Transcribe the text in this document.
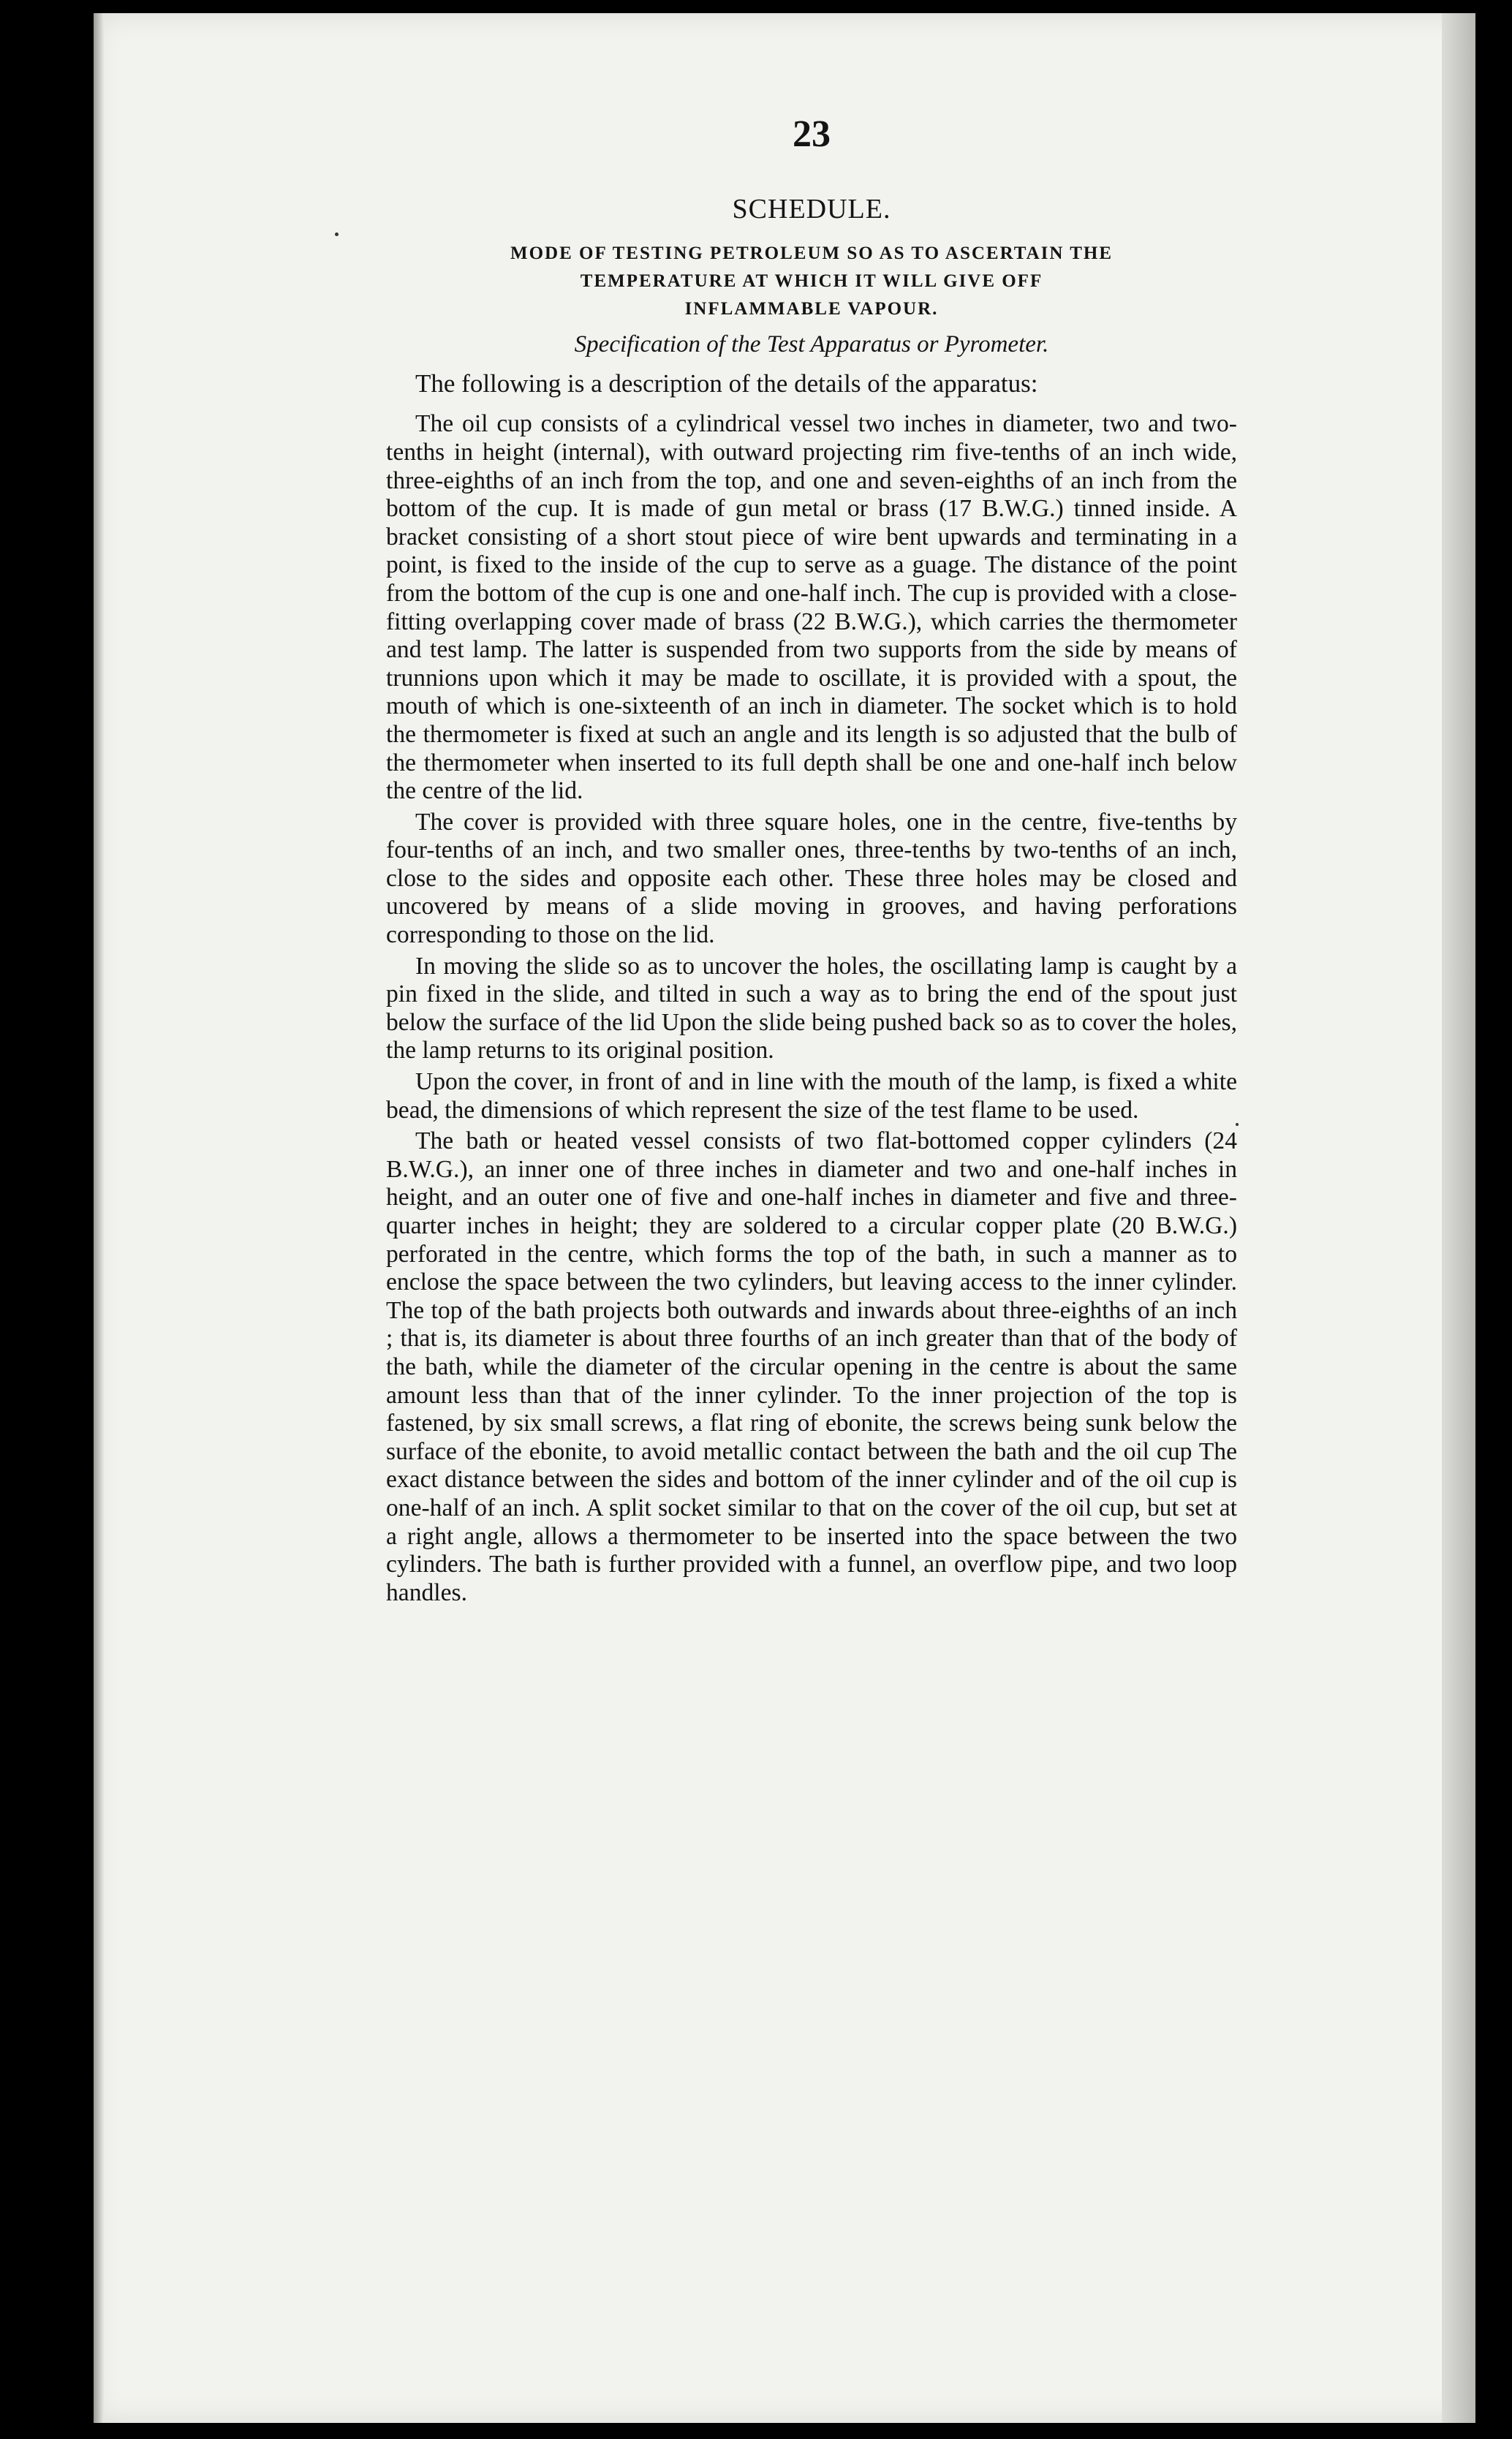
23
SCHEDULE.
MODE OF TESTING PETROLEUM SO AS TO ASCERTAIN THE
TEMPERATURE AT WHICH IT WILL GIVE OFF
INFLAMMABLE VAPOUR.
Specification of the Test Apparatus or Pyrometer.

The following is a description of the details of the apparatus:

The oil cup consists of a cylindrical vessel two inches in diameter, two and two-tenths in height (internal), with outward projecting rim five-tenths of an inch wide, three-eighths of an inch from the top, and one and seven-eighths of an inch from the bottom of the cup. It is made of gun metal or brass (17 B.W.G.) tinned inside. A bracket consisting of a short stout piece of wire bent upwards and terminating in a point, is fixed to the inside of the cup to serve as a guage. The distance of the point from the bottom of the cup is one and one-half inch. The cup is provided with a close-fitting overlapping cover made of brass (22 B.W.G.), which carries the thermometer and test lamp. The latter is suspended from two supports from the side by means of trunnions upon which it may be made to oscillate, it is provided with a spout, the mouth of which is one-sixteenth of an inch in diameter. The socket which is to hold the thermometer is fixed at such an angle and its length is so adjusted that the bulb of the thermometer when inserted to its full depth shall be one and one-half inch below the centre of the lid.

The cover is provided with three square holes, one in the centre, five-tenths by four-tenths of an inch, and two smaller ones, three-tenths by two-tenths of an inch, close to the sides and opposite each other. These three holes may be closed and uncovered by means of a slide moving in grooves, and having perforations corresponding to those on the lid.

In moving the slide so as to uncover the holes, the oscillating lamp is caught by a pin fixed in the slide, and tilted in such a way as to bring the end of the spout just below the surface of the lid Upon the slide being pushed back so as to cover the holes, the lamp returns to its original position.

Upon the cover, in front of and in line with the mouth of the lamp, is fixed a white bead, the dimensions of which represent the size of the test flame to be used.

The bath or heated vessel consists of two flat-bottomed copper cylinders (24 B.W.G.), an inner one of three inches in diameter and two and one-half inches in height, and an outer one of five and one-half inches in diameter and five and three-quarter inches in height; they are soldered to a circular copper plate (20 B.W.G.) perforated in the centre, which forms the top of the bath, in such a manner as to enclose the space between the two cylinders, but leaving access to the inner cylinder. The top of the bath projects both outwards and inwards about three-eighths of an inch ; that is, its diameter is about three fourths of an inch greater than that of the body of the bath, while the diameter of the circular opening in the centre is about the same amount less than that of the inner cylinder. To the inner projection of the top is fastened, by six small screws, a flat ring of ebonite, the screws being sunk below the surface of the ebonite, to avoid metallic contact between the bath and the oil cup The exact distance between the sides and bottom of the inner cylinder and of the oil cup is one-half of an inch. A split socket similar to that on the cover of the oil cup, but set at a right angle, allows a thermometer to be inserted into the space between the two cylinders. The bath is further provided with a funnel, an overflow pipe, and two loop handles.
